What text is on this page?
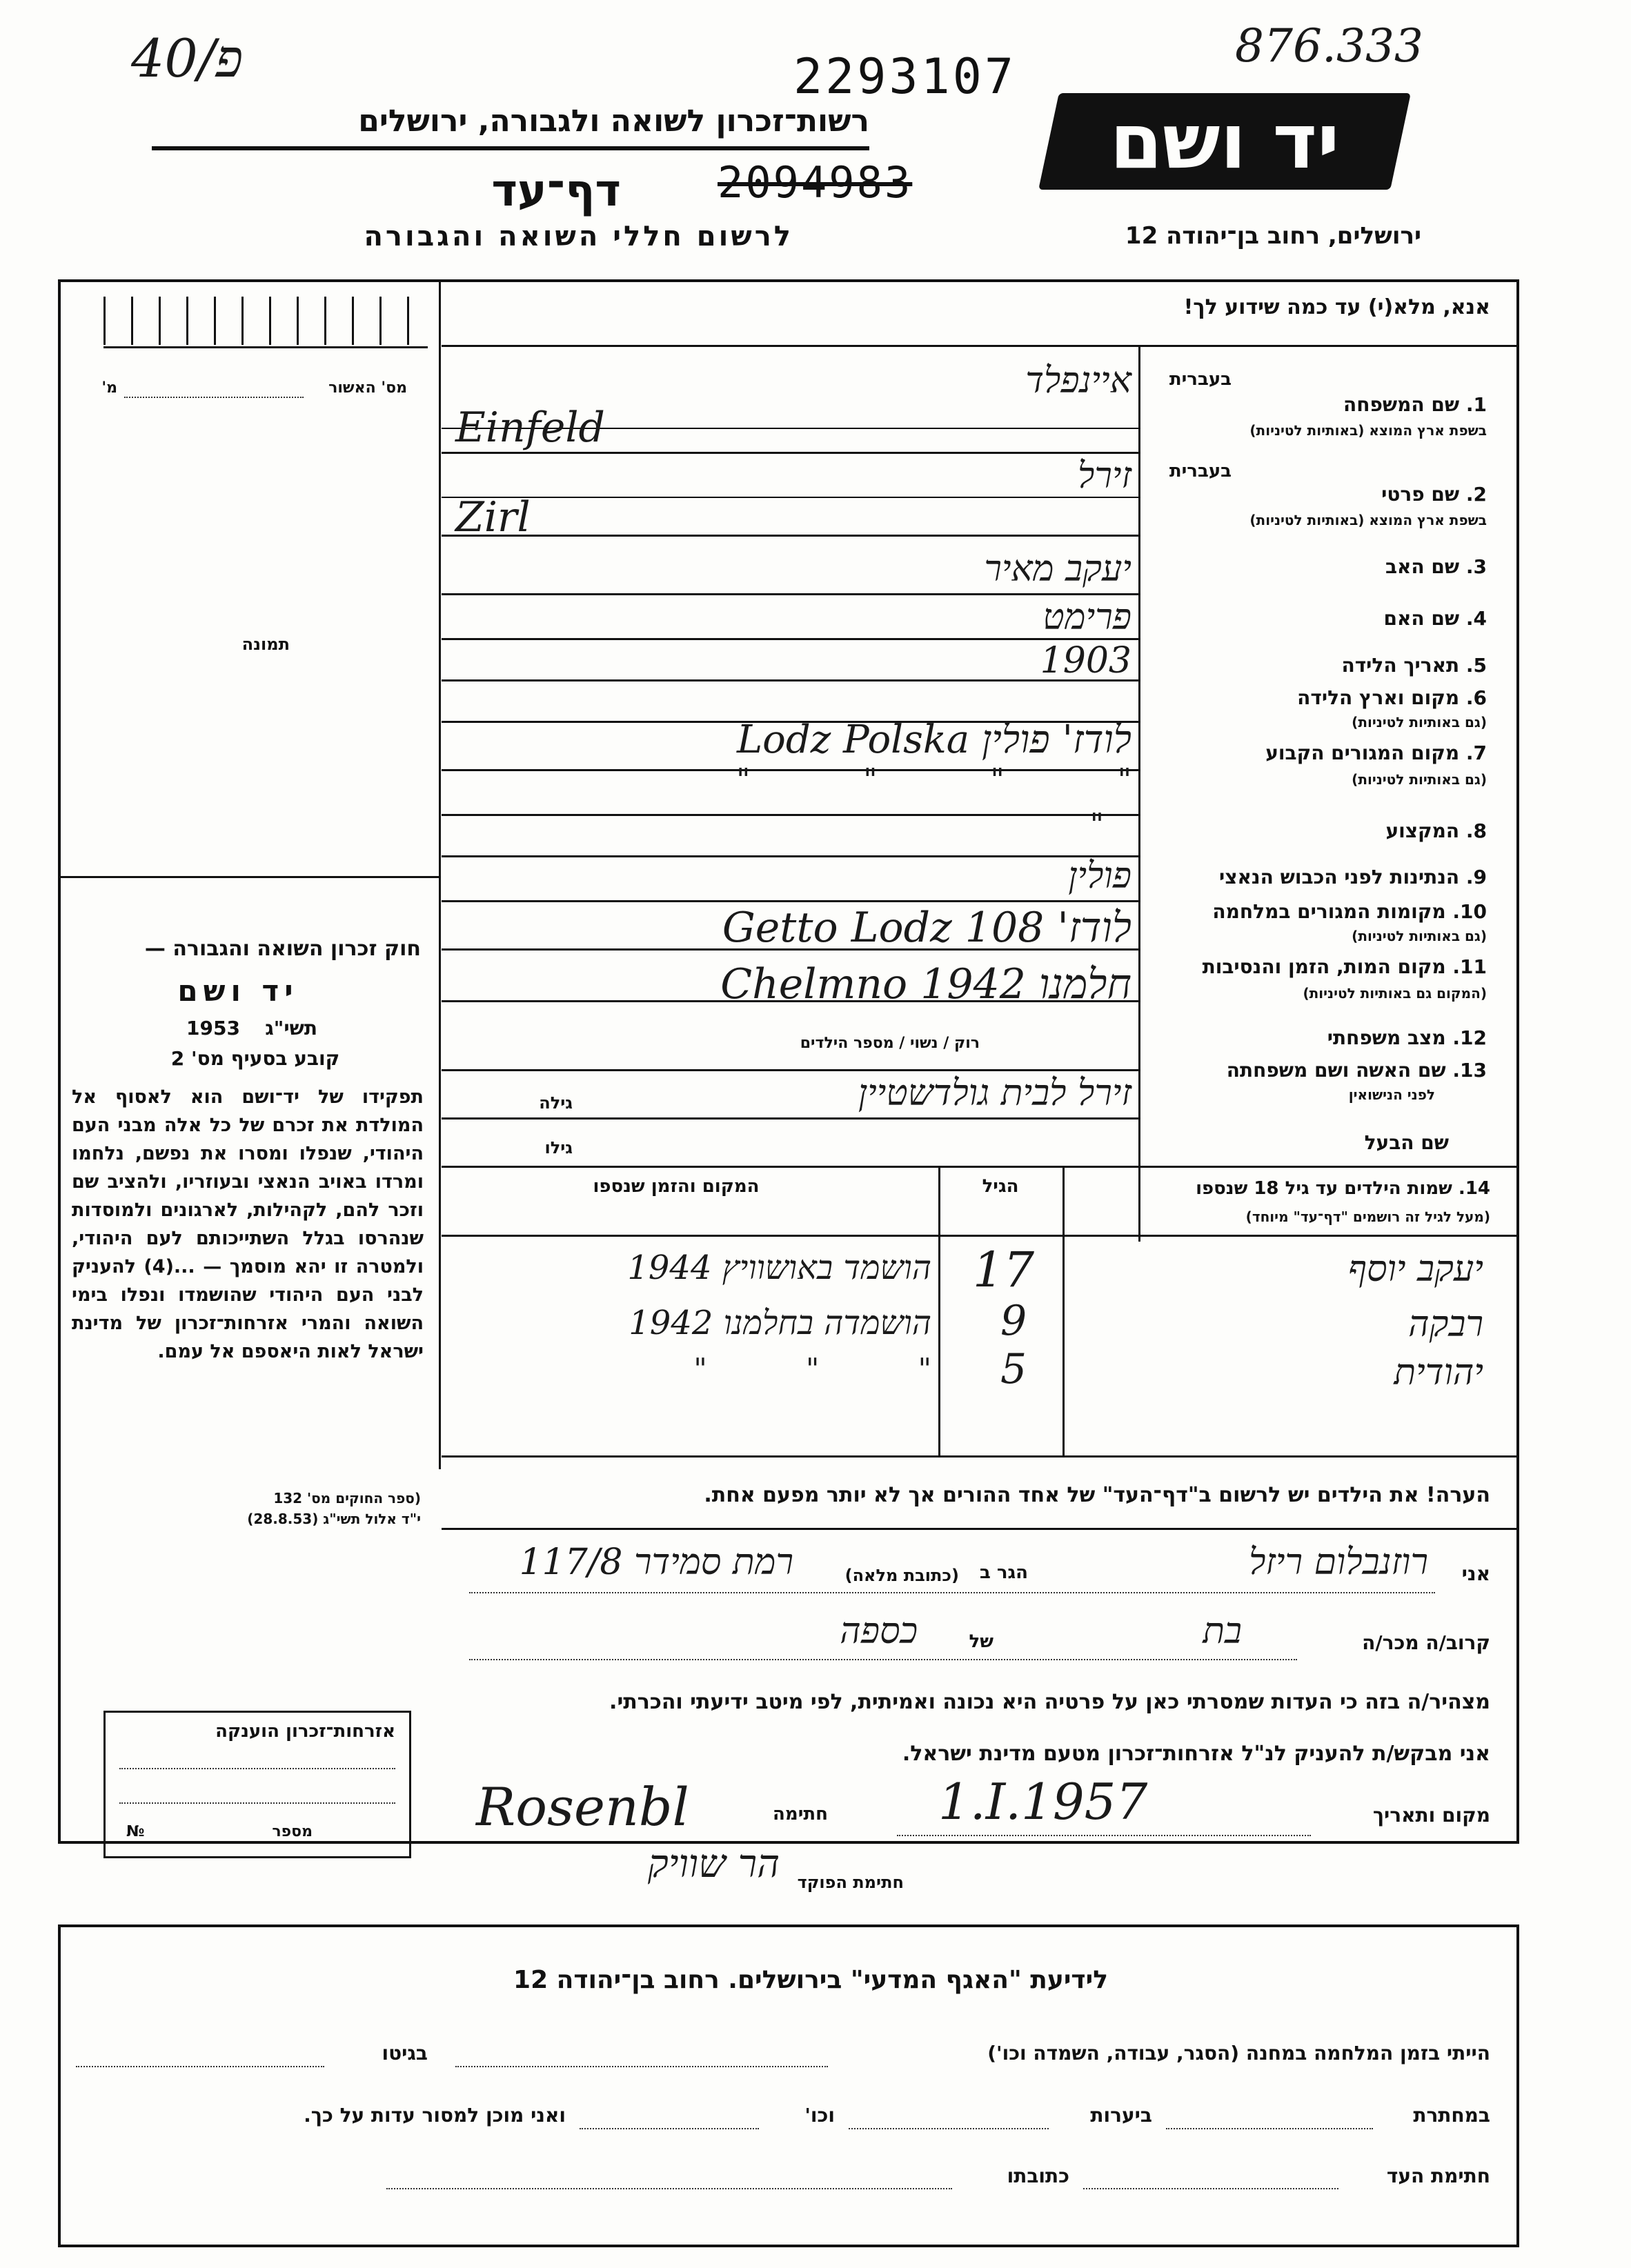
40/פ	876.333
2293107
רשות־זכרון לשואה ולגבורה, ירושלים	יד ושם
דף־עד 2094983
לרשום חללי השואה והגבורה	ירושלים, רחוב בן־יהודה 12
אנא, מלא(י) עד כמה שידוע לך!
מס' האשור
מ'
תמונה
חוק זכרון השואה והגבורה —
יד ושם
1953	תשי"ג
קובע בסעיף מס' 2
תפקידו של יד־ושם הוא לאסוף אל המולדת את זכרם של כל אלה מבני העם היהודי, שנפלו ומסרו את נפשם, נלחמו ומרדו באויב הנאצי ובעוזריו, ולהציב שם וזכר להם, לקהילות, לארגונים ולמוסדות שנהרסו בגלל השתייכותם לעם היהודי, ולמטרה זו יהא מוסמך — ...(4) להעניק לבני העם היהודי שהושמדו ונפלו בימי השואה והמרי אזרחות־זכרון של מדינת ישראל לאות היאספם אל עמם.
(ספר החוקים מס' 132
י"ד אלול תשי"ג (28.8.53)
אזרחות־זכרון הוענקה
מספר
№
בעברית
1. שם המשפחה
בשפת ארץ המוצא (באותיות לטיניות)
איינפלד
Einfeld
בעברית
2. שם פרטי
בשפת ארץ המוצא (באותיות לטיניות)
זירל
Zirl
3. שם האב
יעקב מאיר
4. שם האם
פרימט
5. תאריך הלידה
1903
6. מקום וארץ הלידה
(גם באותיות לטיניות)
לודז' פולין Lodz Polska	7. מקום המגורים הקבוע
(גם באותיות לטיניות)
" " " "
8. המקצוע
"
9. הנתינות לפני הכבוש הנאצי
פולין
10. מקומות המגורים במלחמה
(גם באותיות לטיניות)
לודז' 108 Getto Lodz
11. מקום המות, הזמן והנסיבות
(המקום גם באותיות לטיניות)
חלמנו Chelmno 1942
12. מצב משפחתי
רוק / נשוי / מספר הילדים
13. שם האשה ושם משפחתה
לפני הנישואין
זירל לבית גולדשטיין
גילה
שם הבעל
גילו
14. שמות הילדים עד גיל 18 שנספו
(מעל לגיל זה רושמים "דף־עד" מיוחד)
הגיל
המקום והזמן שנספו
יעקב יוסף
17
הושמד באושוויץ 1944
רבקה
9
הושמדה בחלמנו 1942
יהודית
5
" " "
הערה! את הילדים יש לרשום ב"דף־העד" של אחד ההורים אך לא יותר מפעם אחת.
אני
רוזנבלום ריזל
הגר ב
(כתובת מלאה)
רמת סמידר 117/8
קרוב/ה מכר/ה
בת
של
כספה
מצהיר/ה בזה כי העדות שמסרתי כאן על פרטיה היא נכונה ואמיתית, לפי מיטב ידיעתי והכרתי.
אני מבקש/ת להעניק לנ"ל אזרחות־זכרון מטעם מדינת ישראל.
מקום ותאריך
1.I.1957
חתימה
Rosenbl
הר שוויק	חתימת הפוקד
לידיעת "האגף המדעי" בירושלים. רחוב בן־יהודה 12
הייתי בזמן המלחמה במחנה (הסגר, עבודה, השמדה וכו')
בגיטו
במחתרת
ביערות
וכו'
ואני מוכן למסור עדות על כך.
חתימת העד
כתובתו
